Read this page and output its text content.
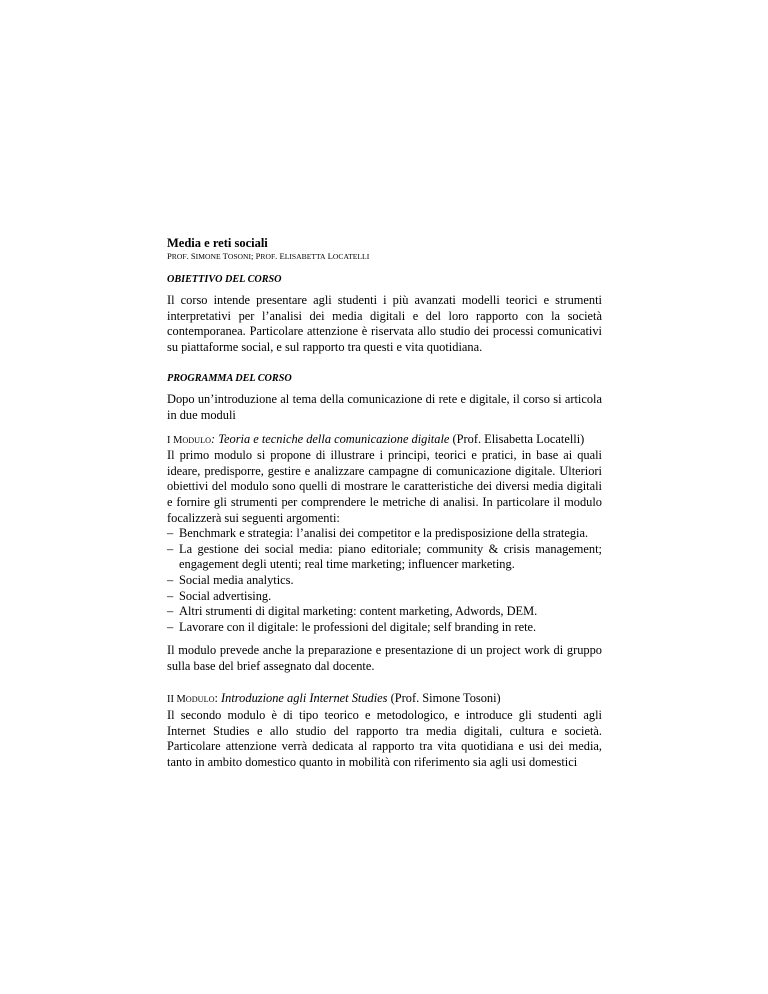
Media e reti sociali
PROF. SIMONE TOSONI; PROF. ELISABETTA LOCATELLI
OBIETTIVO DEL CORSO

Il corso intende presentare agli studenti i più avanzati modelli teorici e strumenti interpretativi per l’analisi dei media digitali e del loro rapporto con la società contemporanea. Particolare attenzione è riservata allo studio dei processi comunicativi su piattaforme social, e sul rapporto tra questi e vita quotidiana.

PROGRAMMA DEL CORSO

Dopo un’introduzione al tema della comunicazione di rete e digitale, il corso si articola in due moduli

I MODULO: Teoria e tecniche della comunicazione digitale (Prof. Elisabetta Locatelli)

Il primo modulo si propone di illustrare i principi, teorici e pratici, in base ai quali ideare, predisporre, gestire e analizzare campagne di comunicazione digitale. Ulteriori obiettivi del modulo sono quelli di mostrare le caratteristiche dei diversi media digitali e fornire gli strumenti per comprendere le metriche di analisi. In particolare il modulo focalizzerà sui seguenti argomenti:

– Benchmark e strategia: l’analisi dei competitor e la predisposizione della strategia.
– La gestione dei social media: piano editoriale; community & crisis management; engagement degli utenti; real time marketing; influencer marketing.
– Social media analytics.
– Social advertising.
– Altri strumenti di digital marketing: content marketing, Adwords, DEM.
– Lavorare con il digitale: le professioni del digitale; self branding in rete.

Il modulo prevede anche la preparazione e presentazione di un project work di gruppo sulla base del brief assegnato dal docente.

II MODULO: Introduzione agli Internet Studies (Prof. Simone Tosoni)

Il secondo modulo è di tipo teorico e metodologico, e introduce gli studenti agli Internet Studies e allo studio del rapporto tra media digitali, cultura e società. Particolare attenzione verrà dedicata al rapporto tra vita quotidiana e usi dei media, tanto in ambito domestico quanto in mobilità con riferimento sia agli usi domestici
